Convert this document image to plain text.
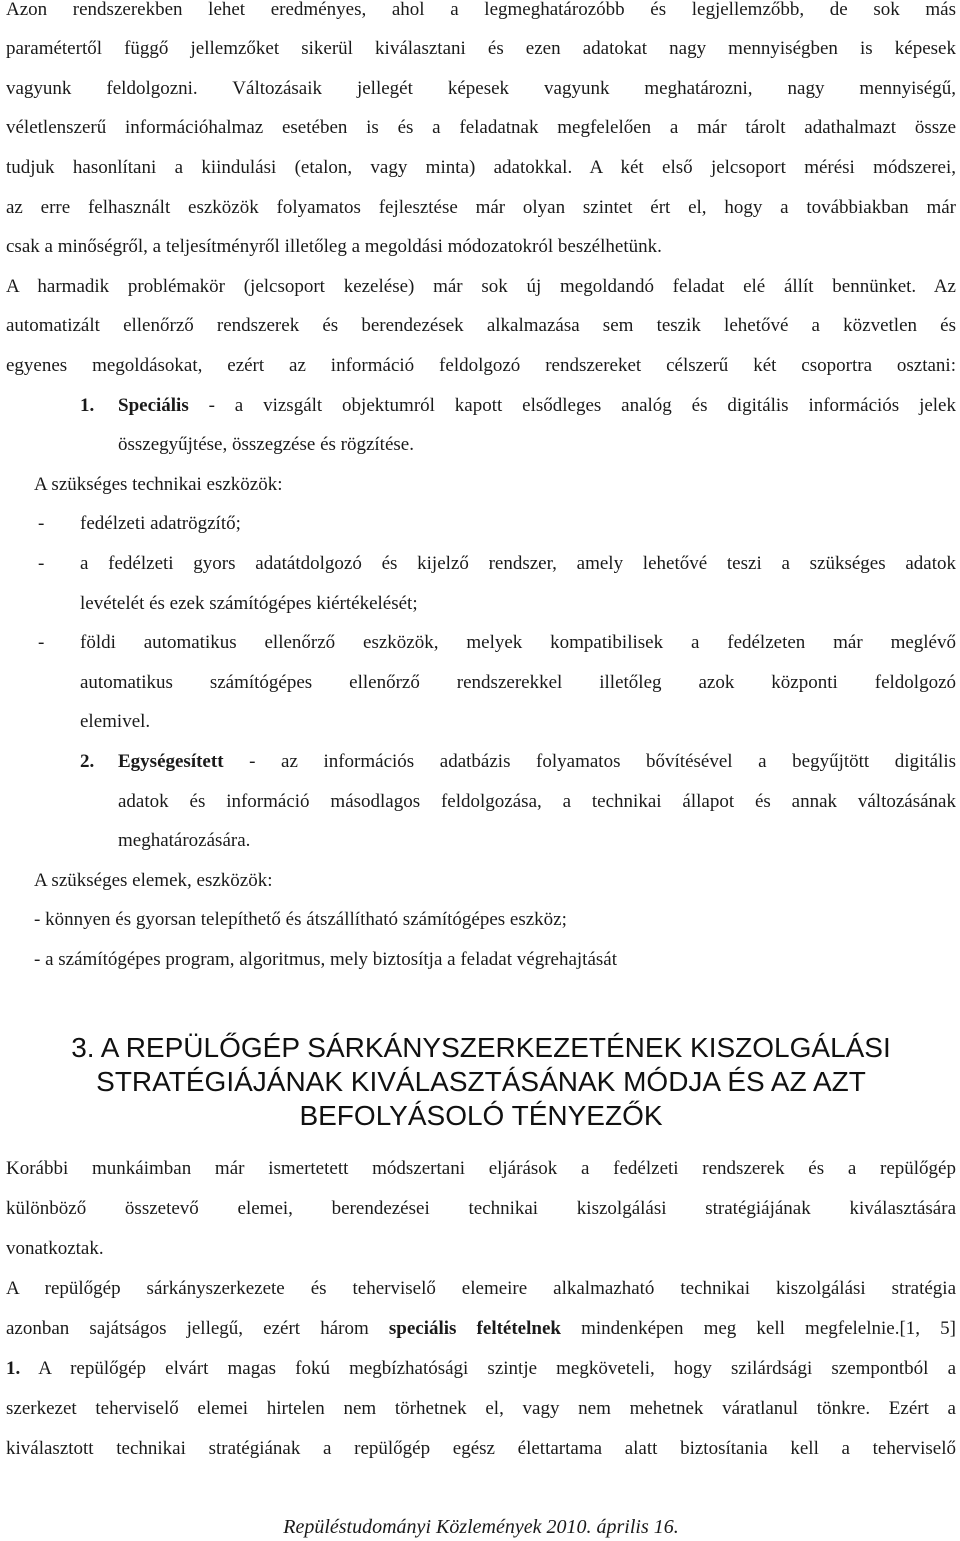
Azon rendszerekben lehet eredményes, ahol a legmeghatározóbb és legjellemzőbb, de sok más
paramétertől függő jellemzőket sikerül kiválasztani és ezen adatokat nagy mennyiségben is képesek
vagyunk feldolgozni. Változásaik jellegét képesek vagyunk meghatározni, nagy mennyiségű,
véletlenszerű információhalmaz esetében is és a feladatnak megfelelően a már tárolt adathalmazt össze
tudjuk hasonlítani a kiindulási (etalon, vagy minta) adatokkal. A két első jelcsoport mérési módszerei,
az erre felhasznált eszközök folyamatos fejlesztése már olyan szintet ért el, hogy a továbbiakban már
csak a minőségről, a teljesítményről illetőleg a megoldási módozatokról beszélhetünk.
A harmadik problémakör (jelcsoport kezelése) már sok új megoldandó feladat elé állít bennünket. Az
automatizált ellenőrző rendszerek és berendezések alkalmazása sem teszik lehetővé a közvetlen és
egyenes megoldásokat, ezért az információ feldolgozó rendszereket célszerű két csoportra osztani:
1. Speciális - a vizsgált objektumról kapott elsődleges analóg és digitális információs jelek
összegyűjtése, összegzése és rögzítése.
A szükséges technikai eszközök:
- fedélzeti adatrögzítő;
- a fedélzeti gyors adatátdolgozó és kijelző rendszer, amely lehetővé teszi a szükséges adatok
levételét és ezek számítógépes kiértékelését;
- földi automatikus ellenőrző eszközök, melyek kompatibilisek a fedélzeten már meglévő
automatikus számítógépes ellenőrző rendszerekkel illetőleg azok központi feldolgozó
elemivel.
2. Egységesített - az információs adatbázis folyamatos bővítésével a begyűjtött digitális
adatok és információ másodlagos feldolgozása, a technikai állapot és annak változásának
meghatározására.
A szükséges elemek, eszközök:
- könnyen és gyorsan telepíthető és átszállítható számítógépes eszköz;
- a számítógépes program, algoritmus, mely biztosítja a feladat végrehajtását
3. A REPÜLŐGÉP SÁRKÁNYSZERKEZETÉNEK KISZOLGÁLÁSI
STRATÉGIÁJÁNAK KIVÁLASZTÁSÁNAK MÓDJA ÉS AZ AZT
BEFOLYÁSOLÓ TÉNYEZŐK
Korábbi munkáimban már ismertetett módszertani eljárások a fedélzeti rendszerek és a repülőgép
különböző összetevő elemei, berendezései technikai kiszolgálási stratégiájának kiválasztására
vonatkoztak.
A repülőgép sárkányszerkezete és teherviselő elemeire alkalmazható technikai kiszolgálási stratégia
azonban sajátságos jellegű, ezért három speciális feltételnek mindenképen meg kell megfelelnie.[1, 5]
1. A repülőgép elvárt magas fokú megbízhatósági szintje megköveteli, hogy szilárdsági szempontból a
szerkezet teherviselő elemei hirtelen nem törhetnek el, vagy nem mehetnek váratlanul tönkre. Ezért a
kiválasztott technikai stratégiának a repülőgép egész élettartama alatt biztosítania kell a teherviselő
Repüléstudományi Közlemények 2010. április 16.
